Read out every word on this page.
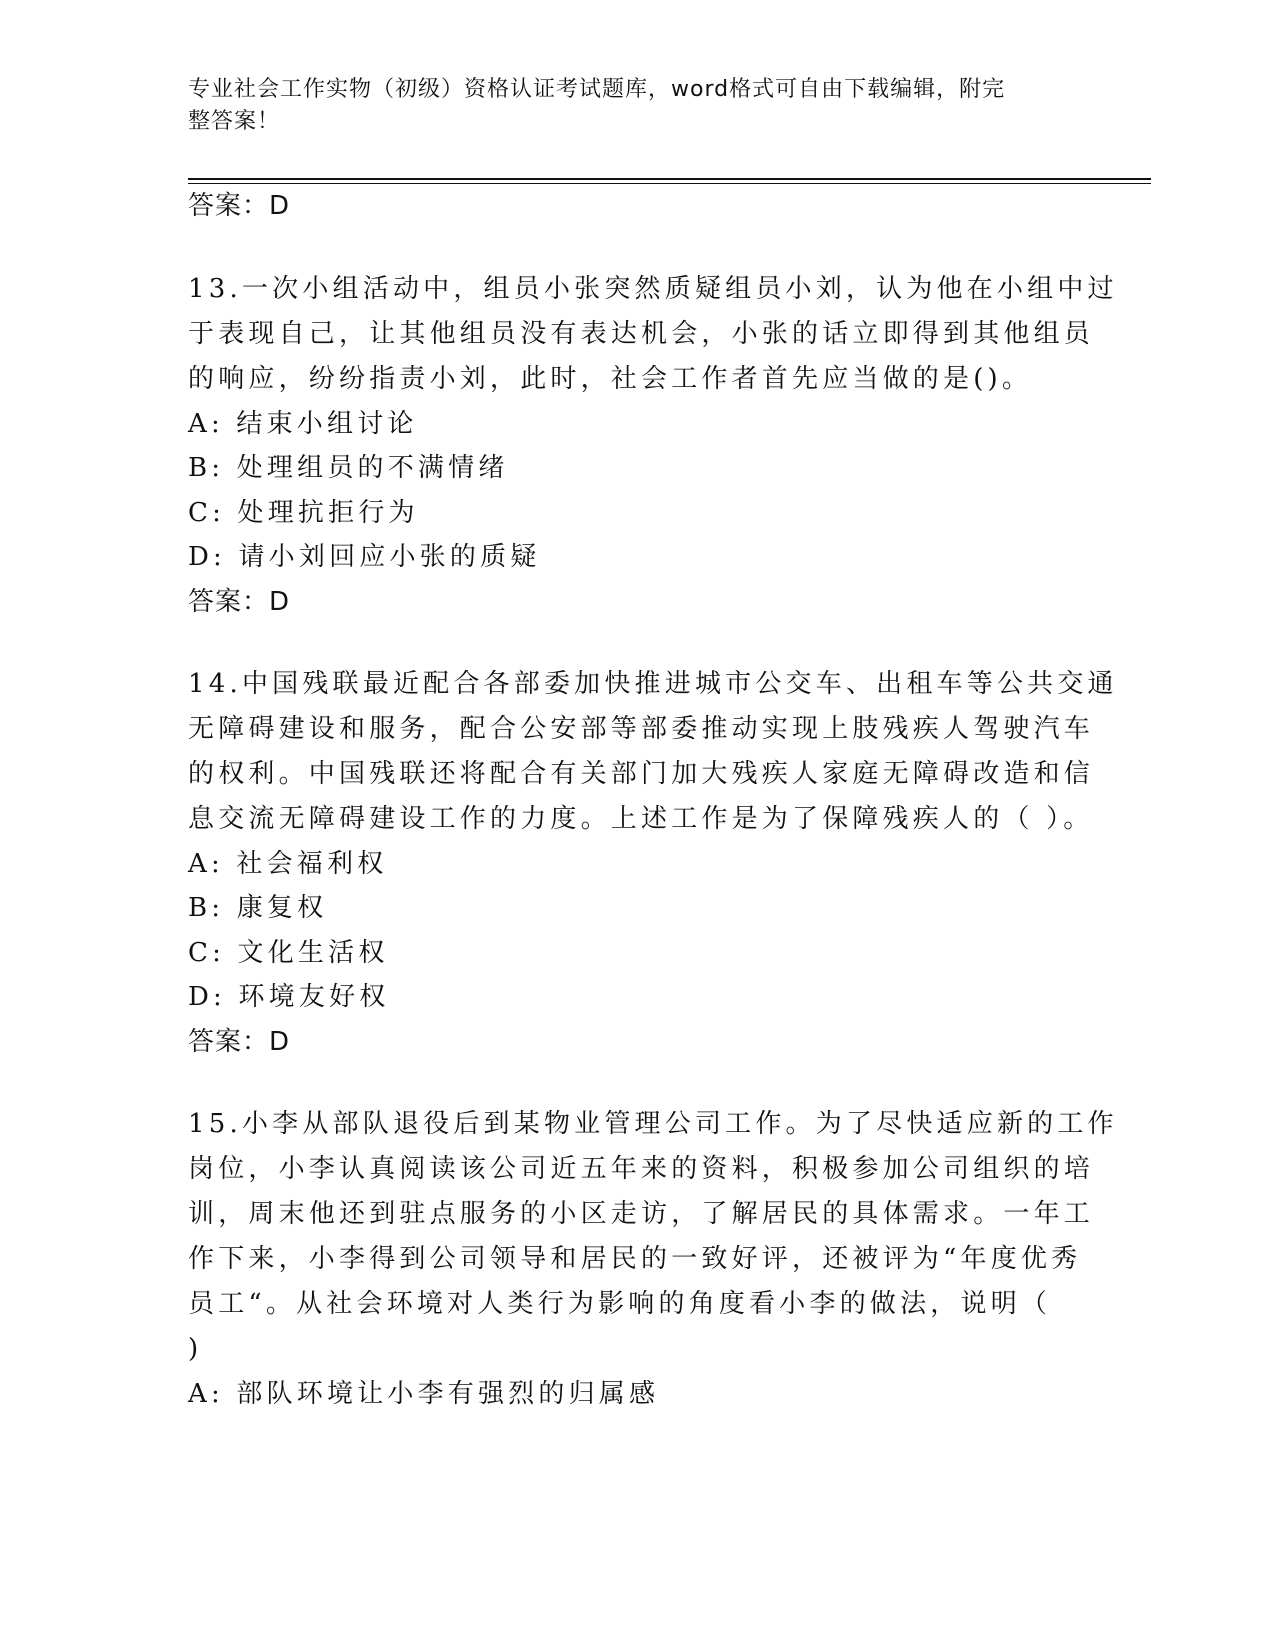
专业社会工作实物（初级）资格认证考试题库，word格式可自由下载编辑，附完
整答案！
答案：D
13.一次小组活动中，组员小张突然质疑组员小刘，认为他在小组中过
于表现自己，让其他组员没有表达机会，小张的话立即得到其他组员
的响应，纷纷指责小刘，此时，社会工作者首先应当做的是()。
A: 结束小组讨论
B: 处理组员的不满情绪
C: 处理抗拒行为
D: 请小刘回应小张的质疑
答案：D
14.中国残联最近配合各部委加快推进城市公交车、出租车等公共交通
无障碍建设和服务，配合公安部等部委推动实现上肢残疾人驾驶汽车
的权利。中国残联还将配合有关部门加大残疾人家庭无障碍改造和信
息交流无障碍建设工作的力度。上述工作是为了保障残疾人的（ ）。
A: 社会福利权
B: 康复权
C: 文化生活权
D: 环境友好权
答案：D
15.小李从部队退役后到某物业管理公司工作。为了尽快适应新的工作
岗位，小李认真阅读该公司近五年来的资料，积极参加公司组织的培
训，周末他还到驻点服务的小区走访，了解居民的具体需求。一年工
作下来，小李得到公司领导和居民的一致好评，还被评为“年度优秀
员工“。从社会环境对人类行为影响的角度看小李的做法，说明（
)
A: 部队环境让小李有强烈的归属感
